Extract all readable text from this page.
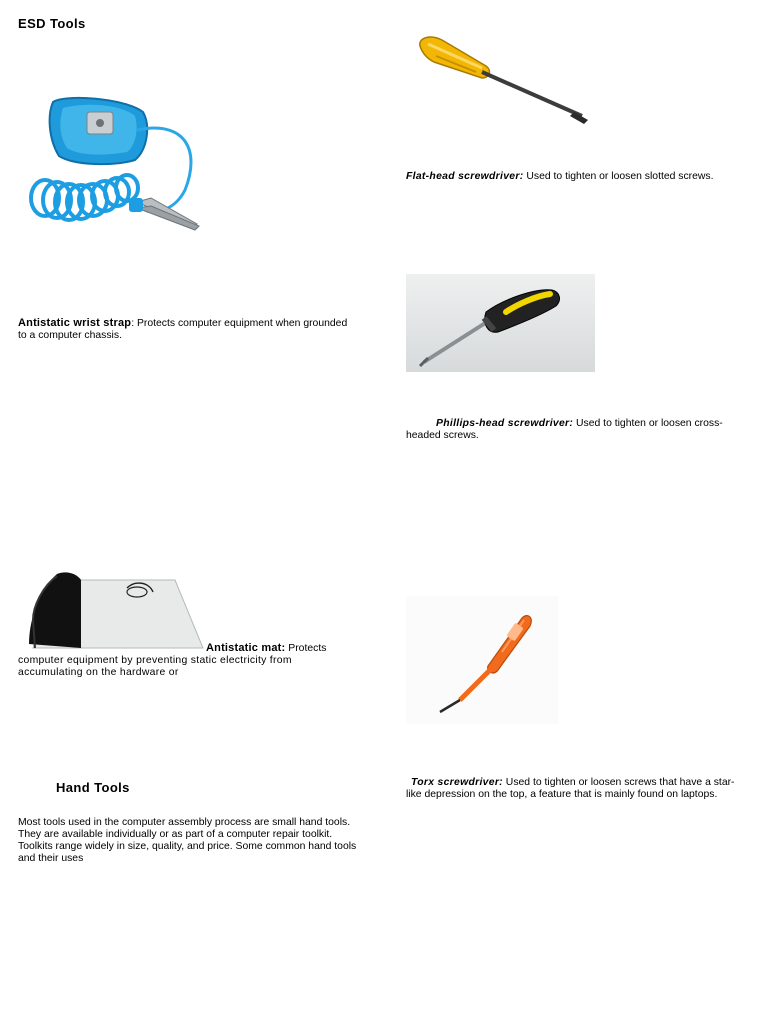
ESD Tools
Antistatic wrist strap: Protects computer equipment when grounded to a computer chassis.
Antistatic mat: Protects
computer equipment by preventing static electricity from accumulating on the hardware or
Hand Tools
Most tools used in the computer assembly process are small hand tools. They are available individually or as part of a computer repair toolkit. Toolkits range widely in size, quality, and price. Some common hand tools and their uses
Flat-head screwdriver: Used to tighten or loosen slotted screws.
Phillips-head screwdriver: Used to tighten or loosen cross-headed screws.
Torx screwdriver: Used to tighten or loosen screws that have a star-like depression on the top, a feature that is mainly found on laptops.
